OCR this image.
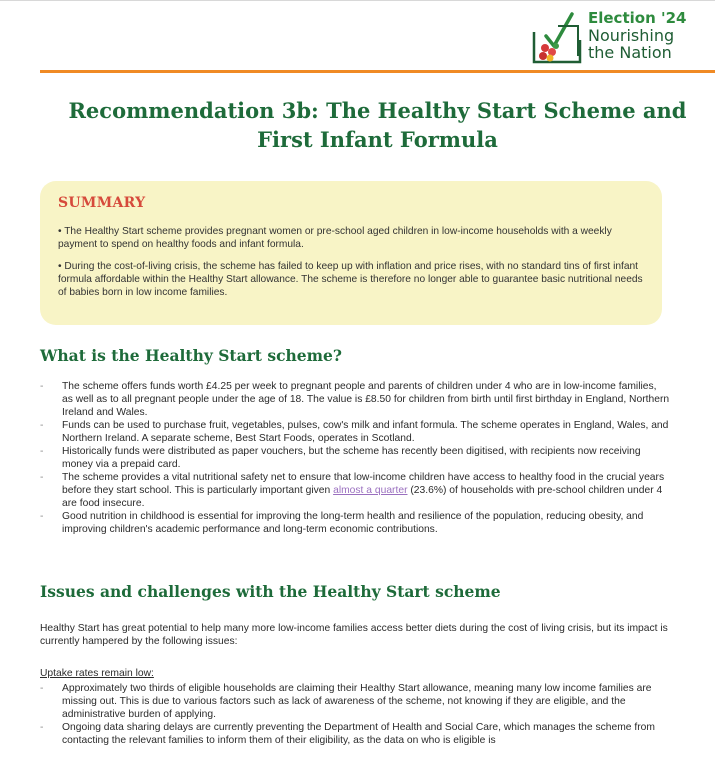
Election '24
Nourishing
the Nation
Recommendation 3b: The Healthy Start Scheme and First Infant Formula
SUMMARY

• The Healthy Start scheme provides pregnant women or pre-school aged children in low-income households with a weekly payment to spend on healthy foods and infant formula.

• During the cost-of-living crisis, the scheme has failed to keep up with inflation and price rises, with no standard tins of first infant formula affordable within the Healthy Start allowance. The scheme is therefore no longer able to guarantee basic nutritional needs of babies born in low income families.

What is the Healthy Start scheme?
- The scheme offers funds worth £4.25 per week to pregnant people and parents of children under 4 who are in low-income families, as well as to all pregnant people under the age of 18. The value is £8.50 for children from birth until first birthday in England, Northern Ireland and Wales.
- Funds can be used to purchase fruit, vegetables, pulses, cow's milk and infant formula. The scheme operates in England, Wales, and Northern Ireland. A separate scheme, Best Start Foods, operates in Scotland.
- Historically funds were distributed as paper vouchers, but the scheme has recently been digitised, with recipients now receiving money via a prepaid card.
- The scheme provides a vital nutritional safety net to ensure that low-income children have access to healthy food in the crucial years before they start school. This is particularly important given almost a quarter (23.6%) of households with pre-school children under 4 are food insecure.
- Good nutrition in childhood is essential for improving the long-term health and resilience of the population, reducing obesity, and improving children's academic performance and long-term economic contributions.
Issues and challenges with the Healthy Start scheme

Healthy Start has great potential to help many more low-income families access better diets during the cost of living crisis, but its impact is currently hampered by the following issues:

Uptake rates remain low:

- Approximately two thirds of eligible households are claiming their Healthy Start allowance, meaning many low income families are missing out. This is due to various factors such as lack of awareness of the scheme, not knowing if they are eligible, and the administrative burden of applying.
- Ongoing data sharing delays are currently preventing the Department of Health and Social Care, which manages the scheme from contacting the relevant families to inform them of their eligibility, as the data on who is eligible is
